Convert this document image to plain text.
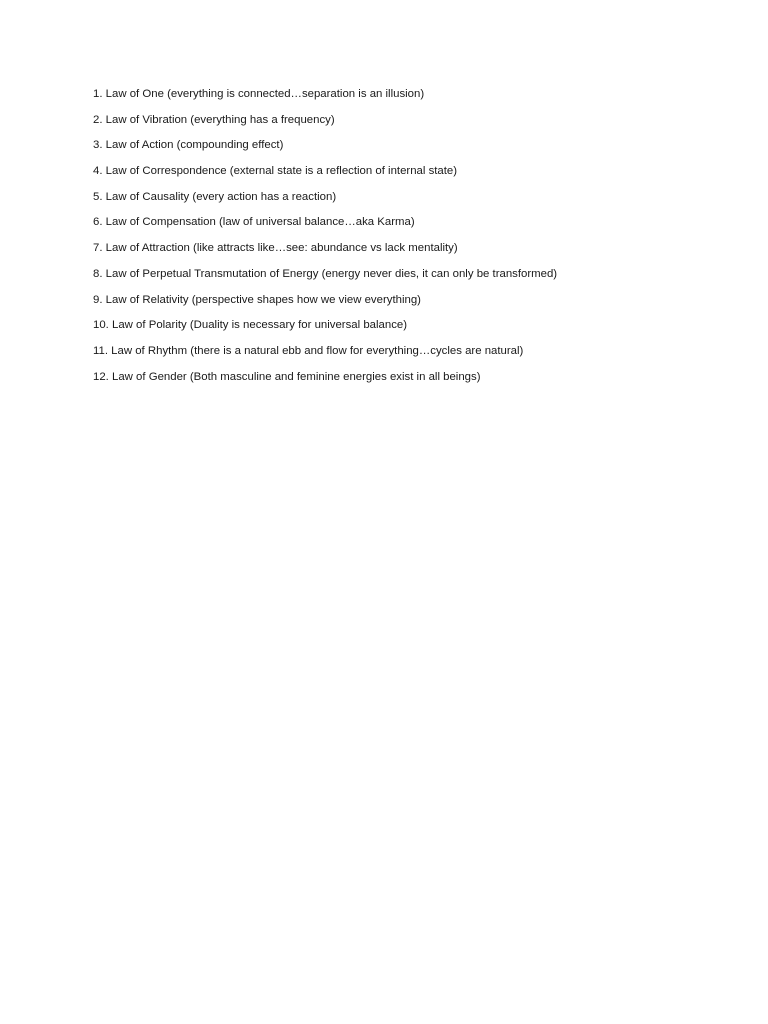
1. Law of One (everything is connected…separation is an illusion)
2. Law of Vibration (everything has a frequency)
3. Law of Action (compounding effect)
4. Law of Correspondence (external state is a reflection of internal state)
5. Law of Causality (every action has a reaction)
6. Law of Compensation (law of universal balance…aka Karma)
7. Law of Attraction (like attracts like…see: abundance vs lack mentality)
8. Law of Perpetual Transmutation of Energy (energy never dies, it can only be transformed)
9. Law of Relativity (perspective shapes how we view everything)
10. Law of Polarity (Duality is necessary for universal balance)
11. Law of Rhythm (there is a natural ebb and flow for everything…cycles are natural)
12. Law of Gender (Both masculine and feminine energies exist in all beings)
